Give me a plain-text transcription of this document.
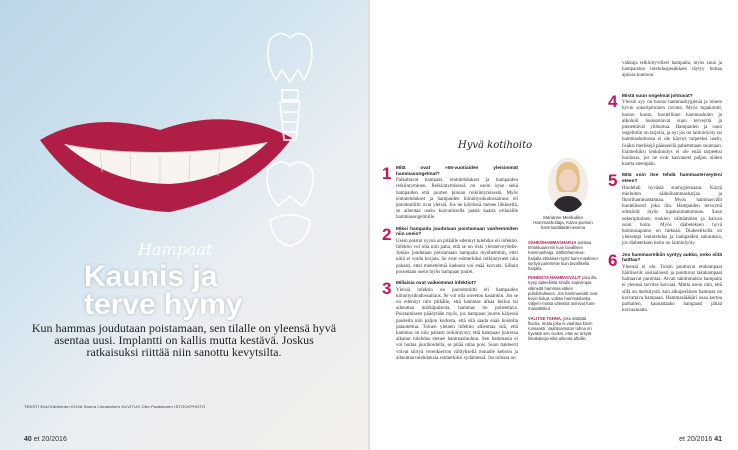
Hampaat
Kaunis ja
terve hymy
Kun hammas joudutaan poistamaan, sen tilalle on yleensä hyvä asentaa uusi. Implantti on kallis mutta kestävä. Joskus ratkaisuksi riittää niin sanottu kevytsilta.
TEKSTI Essi Kähkönen KUVA Sanna Liimatainen KUVITUS Otto Paakkanen ISTOCKPHOTO
40 et 20/2016
Hyvä kotihoito
1 Mitä ovat »55-vuotiaiden yleisimmät hammasongelmat?
Paikattavat hampaat, ientulehdukset ja hampaiden reikiintyminen. Reikiintymisessä on usein kyse sekä hampaiden että juurten pinnan reikiintymisestä. Myös ientulehdukset ja hampaiden kiinnitysikudossairaus eli parodontiitti ovat yleisiä. Jos ne käytössä menee liikkeeltä, se aiheutaa usein kuivumisella jaastä kaarta erilaisille hammasongelmille.
2 Miksi hampaita joudutaan poistamaan vanhemmiten niin usein?
Usein poistot syynä on pitkälle edennyt tulehdus eli infektio. Infektio voi olla niin paha, että se on riski yleisterveydelle. Joskus joudutaan poistamaan hampaita myöhemmin, ettei niitä ei voida korjata. Se ovat esimerkiksi reikiintyneet niin pahasti, ettei menetelmiä kadoota voi enää korvata. Silloin poistetaan usein myös hampaan juuret.
3 Millaisia ovat vaikeimmat infektiot?
Yleisiä infektio on parodontiitti eli hampaiden kiinnitysikudossairaus. Se voi olla oireeton kauankin. Jos se on edennyt niin pitkälle, että hammas alkaa heilua tai aiheuttaa märkäpaiseita, hammas on poistettava. Poistamiseen päädytään myös, jos hampaan juuren kärjessä paisteita niin paljon kudosta, että sitä saada enää hoidolla palautettua. Toinen yleinen infektio aiheuttaa sitä, että hammas on niin pahasti reikiintynyt, että hampaan juuressa alkanut tulehdus etenee hammasluuhun. Sen hammasta ei voi hoitaa juurihoidolla, se pitää ottaa pois. Suun bakteerit voivat siirtyä verenkierron välityksellä muualle kehoon ja aiheuttaa tulehduksia esimerkiksi sydämessä. Jos tulossa on
Marianne Merikukka Hammashoitaja, Kaivo-puiston hammaslääkäri-asema
SÄHKÖHAMMASHARJA poistaa tehokkaammin kuin tavallinen hammasharja. Sähköhammas-harjalla ehkäiset myös ham-maskiven syntyä paremmin kuin tavallisella harjalla.
PUHDISTA HAMMASVÄLIT joka ilta. Kysy apteekista sinulle sopivimpia välineitä hammas-välien puhdistukseen. Jos hammasvälit ovat kovin tiukat, valitse hammaslanka. Väljem-missä väleissä toimivat ham-masvälitikut.
VALITSE TAHNA, joka sisältää fluoria, mutta joka ei vaahtoa kovin runsaasti. Vaahtoamaton tahna on hyväksi sen vuoksi, ettei se ärsytä limakalvoja eikä aiheuta aftoille.
vakkaja reikiintyvilleet hampaita, myös suun ja hampaiston tulehduspesäkkeet täytyy hoitaa ajoissa kuntoon.
4 Mistä suun ongelmat johtuvat?
Yleisin syy on huono hammashygienia ja toinen hyvin sokeripitoinen ravinto. Myös tupakointi, huono kunto, huolellinen hammashoito ja alkoholi huonontavat suun terveyttä ja pienentävät ylihuotua. Hampaiden ja suun ongelmiin on tarjolla, ja nyt jos on laiminlyöty tai hammashoitossa ei ole käynyt tarpeeksi usein, lisäksi merkkejä päässeellä pahemmaan suuntaan. Esimerkiksi ienkiinnitys ei ole enää tarpeeksi hoidossa, jos ne ovat kasvaneet paljon niiden kautta eteenpäin.
5 Mitä voin itse tehdä hammasterveyteni eteen?
Huolehdi hyvästä suuhygieniasta. Käytä mieluiten sähköhammasharjaa ja fluorihammastahnaa. Myös hammasvälit huolellisesti joka ilta. Hampaiden terveyttä edistävät myös tupakoimattomuus. Suun sokeripitoinen ruokien välttäminen ja kaivan suun hoito. Myös diabeteksen hyvä hoitotasapaino on tärkeää. Diabeetikolla on yleisempi ientulehdus ja hampaiden sairauksia, jos diabeteksen hoito on laiminlyöty.
6 Jos hammasreikiin syntyy aukko, onko siitä haittaa?
Yleensä ei ole. Toisin puuttuvat etuhampaat häiritsevät sosiaalisesti ja puuttuvat takahampaat haittaavat purentaa. Aivan takimmaisia hampaita ei yleensä tarvitse korvata. Mutta usein niin, että sillä on merkitystä, kun alkuperäinen hammas on korvattava hampaan. Hammaslääkäri osaa kertoa parhaiten, kannattaako hampaasi jättää korvaamatta.
et 20/2016 41
